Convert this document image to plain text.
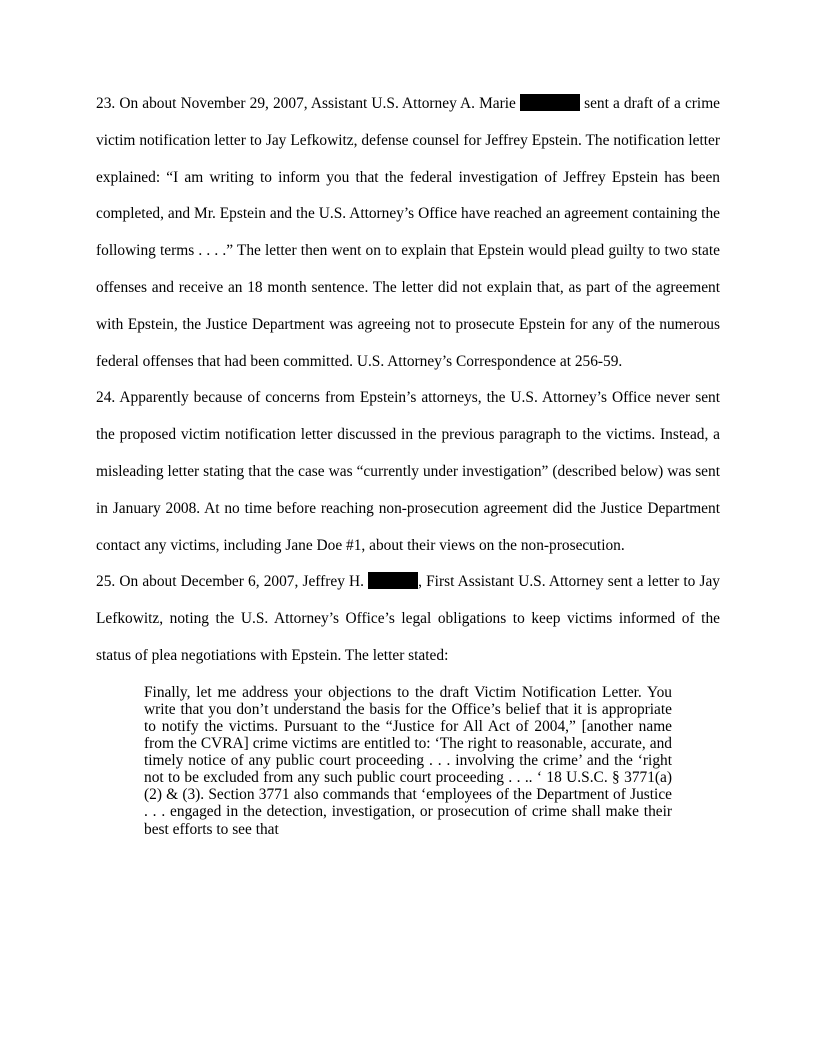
23. On about November 29, 2007, Assistant U.S. Attorney A. Marie	sent a draft of a crime victim notification letter to Jay Lefkowitz, defense counsel for Jeffrey Epstein. The notification letter explained: “I am writing to inform you that the federal investigation of Jeffrey Epstein has been completed, and Mr. Epstein and the U.S. Attorney’s Office have reached an agreement containing the following terms . . . .” The letter then went on to explain that Epstein would plead guilty to two state offenses and receive an 18 month sentence. The letter did not explain that, as part of the agreement with Epstein, the Justice Department was agreeing not to prosecute Epstein for any of the numerous federal offenses that had been committed. U.S. Attorney’s Correspondence at 256-59.

24. Apparently because of concerns from Epstein’s attorneys, the U.S. Attorney’s Office never sent the proposed victim notification letter discussed in the previous paragraph to the victims. Instead, a misleading letter stating that the case was “currently under investigation” (described below) was sent in January 2008. At no time before reaching non-prosecution agreement did the Justice Department contact any victims, including Jane Doe #1, about their views on the non-prosecution.

25. On about December 6, 2007, Jeffrey H.	, First Assistant U.S. Attorney sent a letter to Jay Lefkowitz, noting the U.S. Attorney’s Office’s legal obligations to keep victims informed of the status of plea negotiations with Epstein. The letter stated:

Finally, let me address your objections to the draft Victim Notification Letter. You write that you don’t understand the basis for the Office’s belief that it is appropriate to notify the victims. Pursuant to the “Justice for All Act of 2004,” [another name from the CVRA] crime victims are entitled to: ‘The right to reasonable, accurate, and timely notice of any public court proceeding . . . involving the crime’ and the ‘right not to be excluded from any such public court proceeding . . .. ‘ 18 U.S.C. § 3771(a)(2) & (3). Section 3771 also commands that ‘employees of the Department of Justice . . . engaged in the detection, investigation, or prosecution of crime shall make their best efforts to see that
